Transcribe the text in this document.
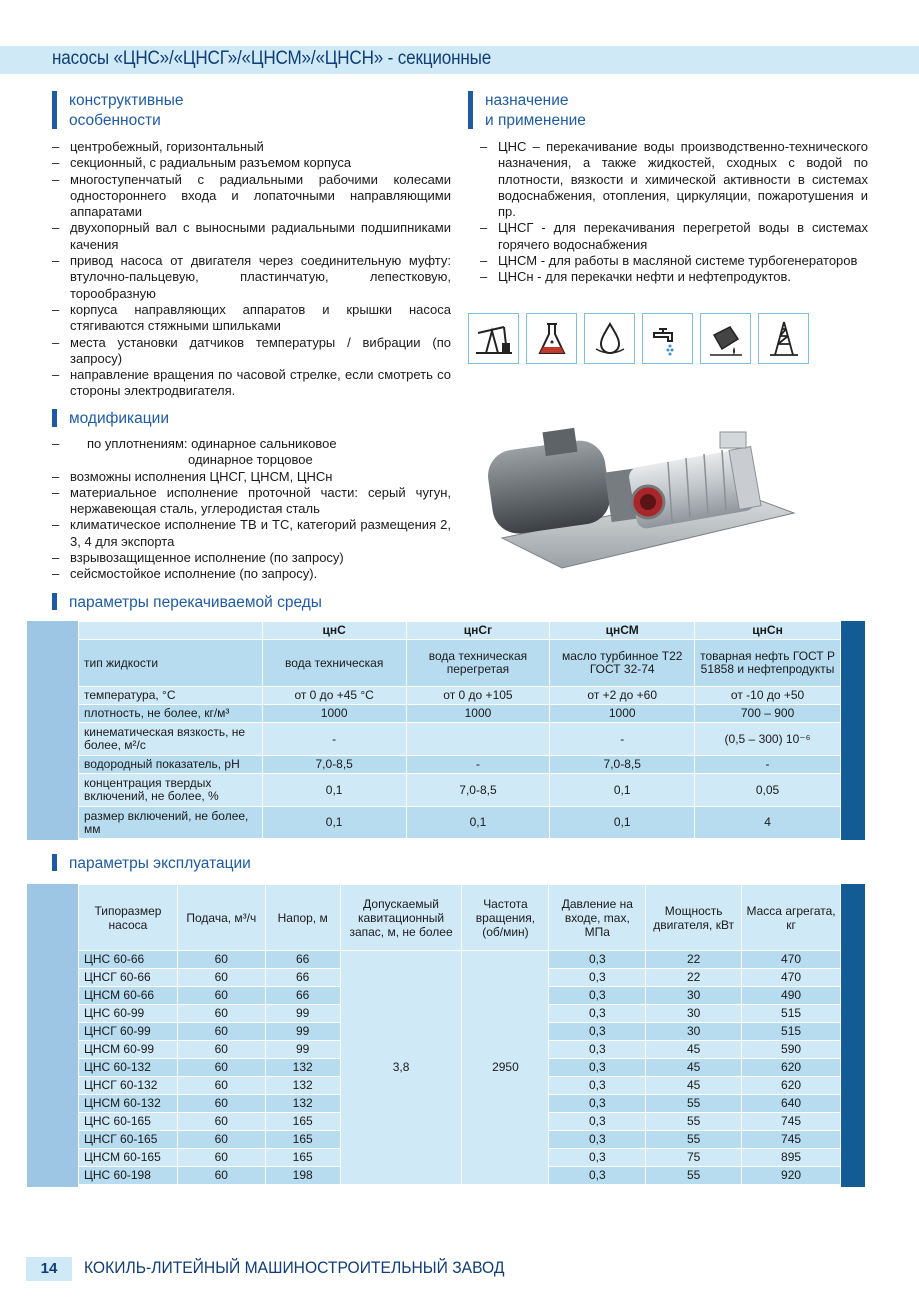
насосы «ЦНС»/«ЦНСГ»/«ЦНСМ»/«ЦНСН» - секционные
конструктивные
особенности
– центробежный, горизонтальный
– секционный, с радиальным разъемом корпуса
– многоступенчатый с радиальными рабочими колесами одностороннего входа и лопаточными направляющими аппаратами
– двухопорный вал с выносными радиальными подшипниками качения
– привод насоса от двигателя через соединительную муфту: втулочно-пальцевую, пластинчатую, лепестковую, торообразную
– корпуса направляющих аппаратов и крышки насоса стягиваются стяжными шпильками
– места установки датчиков температуры / вибрации (по запросу)
– направление вращения по часовой стрелке, если смотреть со стороны электродвигателя.
назначение
и применение
– ЦНС – перекачивание воды производственно-технического назначения, а также жидкостей, сходных с водой по плотности, вязкости и химической активности в системах водоснабжения, отопления, циркуляции, пожаротушения и пр.
– ЦНСГ - для перекачивания перегретой воды в системах горячего водоснабжения
– ЦНСМ - для работы в масляной системе турбогенераторов
– ЦНСн - для перекачки нефти и нефтепродуктов.
модификации
– по уплотнениям: одинарное сальниковое
одинарное торцовое
– возможны исполнения ЦНСГ, ЦНСМ, ЦНСн
– материальное исполнение проточной части: серый чугун, нержавеющая сталь, углеродистая сталь
– климатическое исполнение ТВ и ТС, категорий размещения 2, 3, 4 для экспорта
– взрывозащищенное исполнение (по запросу)
– сейсмостойкое исполнение (по запросу).
параметры перекачиваемой среды
	цнС	цнСг	цнСМ	цнСн
тип жидкости	вода техническая	вода техническая перегретая	масло турбинное Т22 ГОСТ 32-74	товарная нефть ГОСТ Р 51858 и нефтепродукты
температура, °С	от 0 до +45 °С	от 0 до +105	от +2 до +60	от -10 до +50
плотность, не более, кг/м³	1000	1000	1000	700 – 900
кинематическая вязкость, не более, м²/с	-		-	(0,5 – 300) 10⁻⁶
водородный показатель, рН	7,0-8,5	-	7,0-8,5	-
концентрация твердых включений, не более, %	0,1	7,0-8,5	0,1	0,05
размер включений, не более, мм	0,1	0,1	0,1	4
параметры эксплуатации
Типоразмер насоса	Подача, м³/ч	Напор, м	Допускаемый кавитационный запас, м, не более	Частота вращения, (об/мин)	Давление на входе, max, МПа	Мощность двигателя, кВт	Масса агрегата, кг
ЦНС 60-66	60	66	3,8	2950	0,3	22	470
ЦНСГ 60-66	60	66			0,3	22	470
ЦНСМ 60-66	60	66			0,3	30	490
ЦНС 60-99	60	99			0,3	30	515
ЦНСГ 60-99	60	99			0,3	30	515
ЦНСМ 60-99	60	99			0,3	45	590
ЦНС 60-132	60	132			0,3	45	620
ЦНСГ 60-132	60	132			0,3	45	620
ЦНСМ 60-132	60	132			0,3	55	640
ЦНС 60-165	60	165			0,3	55	745
ЦНСГ 60-165	60	165			0,3	55	745
ЦНСМ 60-165	60	165			0,3	75	895
ЦНС 60-198	60	198			0,3	55	920
14	КОКИЛЬ-ЛИТЕЙНЫЙ МАШИНОСТРОИТЕЛЬНЫЙ ЗАВОД
